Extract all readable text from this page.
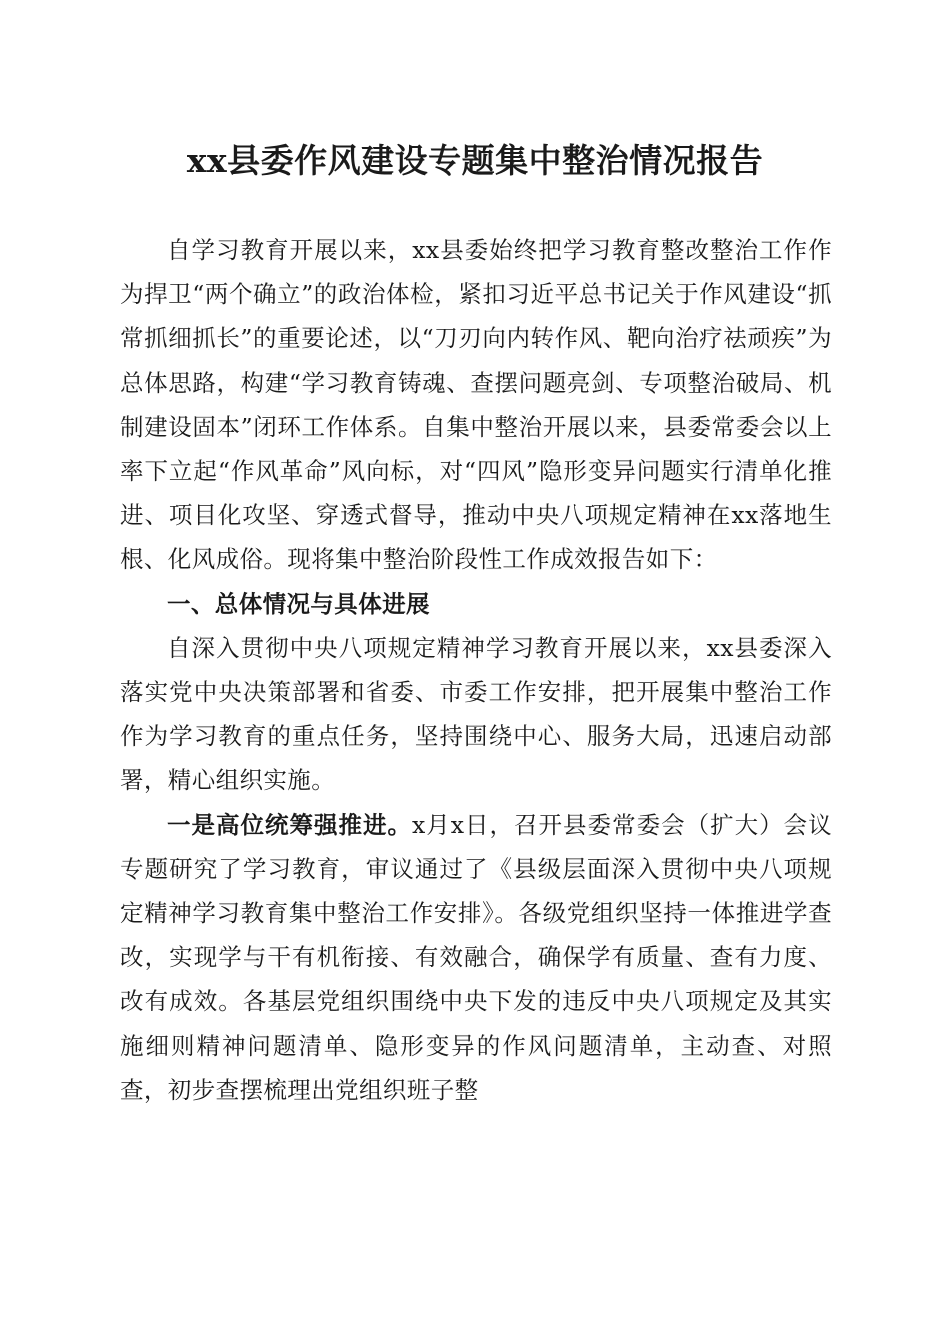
xx县委作风建设专题集中整治情况报告

自学习教育开展以来，xx县委始终把学习教育整改整治工作作为捍卫“两个确立”的政治体检，紧扣习近平总书记关于作风建设“抓常抓细抓长”的重要论述，以“刀刃向内转作风、靶向治疗祛顽疾”为总体思路，构建“学习教育铸魂、查摆问题亮剑、专项整治破局、机制建设固本”闭环工作体系。自集中整治开展以来，县委常委会以上率下立起“作风革命”风向标，对“四风”隐形变异问题实行清单化推进、项目化攻坚、穿透式督导，推动中央八项规定精神在xx落地生根、化风成俗。现将集中整治阶段性工作成效报告如下：

一、总体情况与具体进展

自深入贯彻中央八项规定精神学习教育开展以来，xx县委深入落实党中央决策部署和省委、市委工作安排，把开展集中整治工作作为学习教育的重点任务，坚持围绕中心、服务大局，迅速启动部署，精心组织实施。

一是高位统筹强推进。x月x日，召开县委常委会（扩大）会议专题研究了学习教育，审议通过了《县级层面深入贯彻中央八项规定精神学习教育集中整治工作安排》。各级党组织坚持一体推进学查改，实现学与干有机衔接、有效融合，确保学有质量、查有力度、改有成效。各基层党组织围绕中央下发的违反中央八项规定及其实施细则精神问题清单、隐形变异的作风问题清单，主动查、对照查，初步查摆梳理出党组织班子整
